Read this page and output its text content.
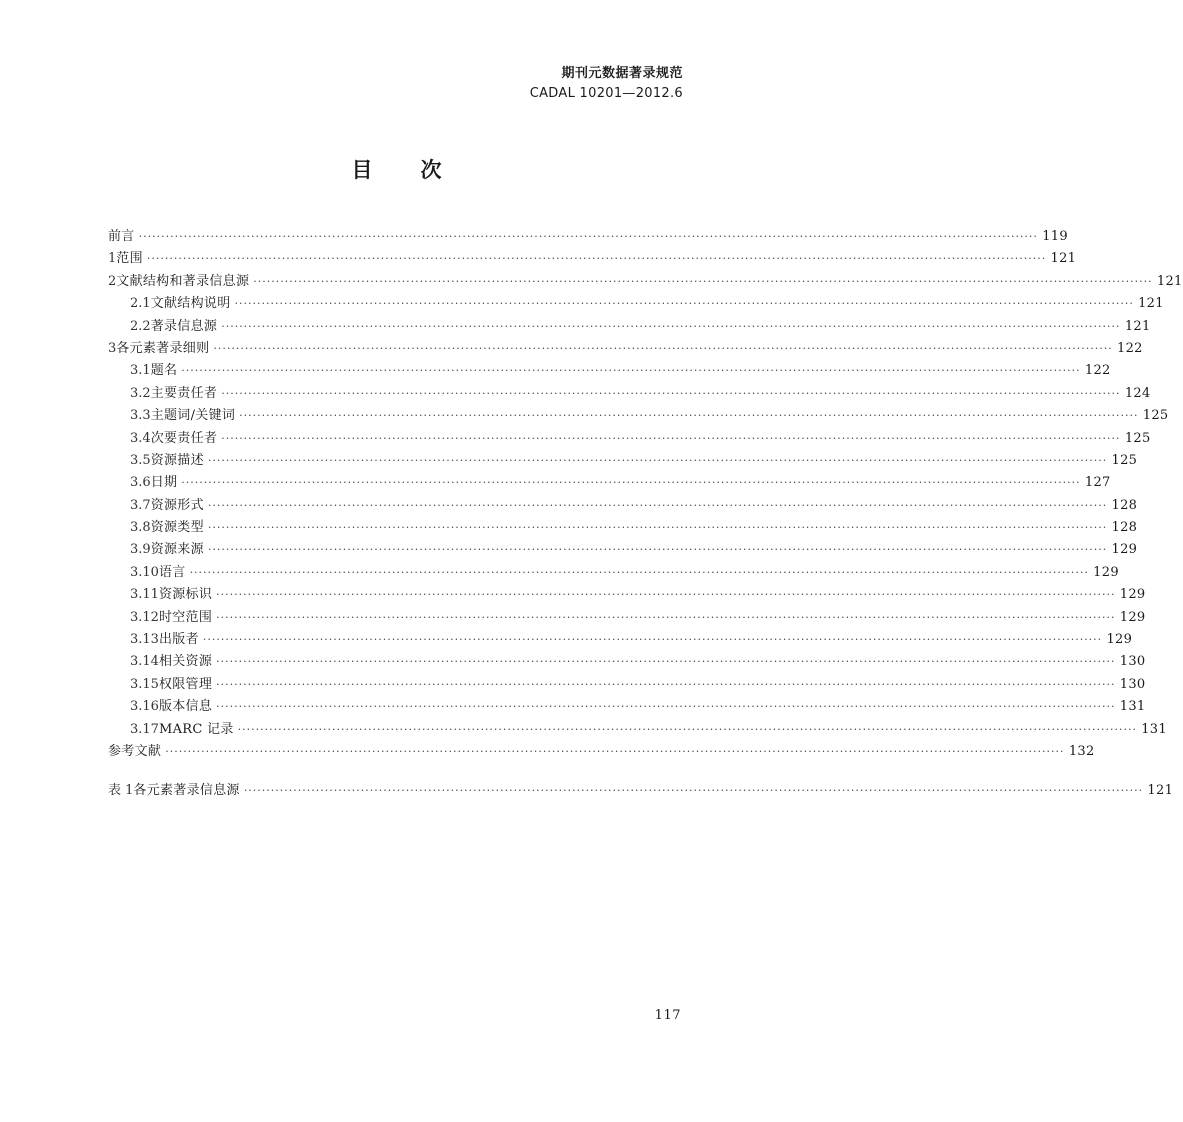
期刊元数据著录规范
CADAL 10201—2012.6
目 次
前言 ········································································································································································································ 119
1 范围 ········································································································································································································ 121
2 文献结构和著录信息源 ········································································································································································································ 121
2.1 文献结构说明 ········································································································································································································ 121
2.2 著录信息源 ········································································································································································································ 121
3 各元素著录细则 ········································································································································································································ 122
3.1 题名 ········································································································································································································ 122
3.2 主要责任者 ········································································································································································································ 124
3.3 主题词/关键词 ········································································································································································································ 125
3.4 次要责任者 ········································································································································································································ 125
3.5 资源描述 ········································································································································································································ 125
3.6 日期 ········································································································································································································ 127
3.7 资源形式 ········································································································································································································ 128
3.8 资源类型 ········································································································································································································ 128
3.9 资源来源 ········································································································································································································ 129
3.10 语言 ········································································································································································································ 129
3.11 资源标识 ········································································································································································································ 129
3.12 时空范围 ········································································································································································································ 129
3.13 出版者 ········································································································································································································ 129
3.14 相关资源 ········································································································································································································ 130
3.15 权限管理 ········································································································································································································ 130
3.16 版本信息 ········································································································································································································ 131
3.17 MARC 记录 ········································································································································································································ 131
参考文献 ········································································································································································································ 132
表 1 各元素著录信息源 ········································································································································································································ 121
117
